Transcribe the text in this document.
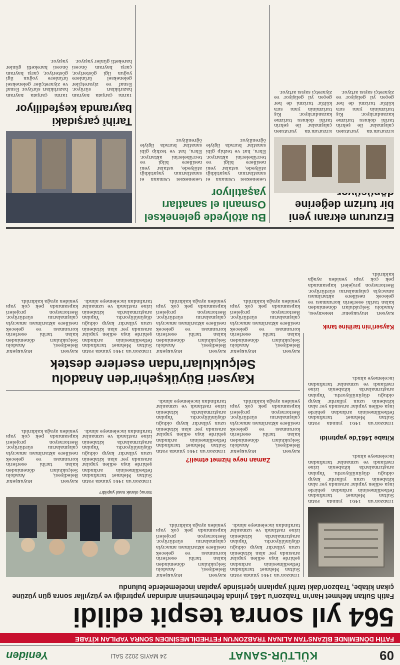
09
KÜLTÜR-SANAT
24 MAYIS 2022 SALI
Yeniden
FATİH DÖNEMİNDE BİZANS'TAN ALINAN TRABZON'UN FETHEDİLMESİNDEN SONRA YAPILAN KİTABE
564 yıl sonra tespit edildi
Fatih Sultan Mehmet Han'ın Trabzon'u 1461 yılında fethetmesinin ardından yaptırdığı ve yüzyıllar sonra gün yüzüne çıkan kitabe, Trabzon'daki tarihî yapıların içerisinde yapılan incelemelerde bulundu
Trabzon'un 1461 yılında Fatih Sultan Mehmet tarafından fethedilmesinin ardından şehirde inşa edilen yapılar arasında yer alan kitabenin uzun yıllardır kayıp olduğu düşünülüyordu. Yapılan araştırmalarda kitabenin izine rastlandı ve uzmanlar tarafından incelemeye alındı.
Kitabe 1461'de yaptırıldı
Trabzon'un 1461 yılında Fatih Sultan Mehmet tarafından fethedilmesinin ardından şehirde inşa edilen yapılar arasında yer alan kitabenin uzun yıllardır kayıp olduğu düşünülüyordu. Yapılan araştırmalarda kitabenin izine rastlandı ve uzmanlar tarafından incelemeye alındı.
Trabzon'un 1461 yılında Fatih Sultan Mehmet tarafından fethedilmesinin ardından şehirde inşa edilen yapılar arasında yer alan kitabenin uzun yıllardır kayıp olduğu düşünülüyordu. Yapılan araştırmalarda kitabenin izine rastlandı ve uzmanlar tarafından incelemeye alındı.
Kayseri Büyükşehir Belediyesi, Anadolu Selçukluları döneminden kalan tarihi eserlerin korunması ve gelecek nesillere aktarılması amacıyla çalışmalarını sürdürüyor. Restorasyon projeleri kapsamında pek çok yapı yeniden ayağa kaldırıldı.
Zaman neye hizmet etmeli?
Kayseri Büyükşehir Belediyesi, Anadolu Selçukluları döneminden kalan tarihi eserlerin korunması ve gelecek nesillere aktarılması amacıyla çalışmalarını sürdürüyor. Restorasyon projeleri kapsamında pek çok yapı yeniden ayağa kaldırıldı.
Trabzon'un 1461 yılında Fatih Sultan Mehmet tarafından fethedilmesinin ardından şehirde inşa edilen yapılar arasında yer alan kitabenin uzun yıllardır kayıp olduğu düşünülüyordu. Yapılan araştırmalarda kitabenin izine rastlandı ve uzmanlar tarafından incelemeye alındı.
Sonuç olarak nasıl yapıldı?
Trabzon'un 1461 yılında Fatih Sultan Mehmet tarafından fethedilmesinin ardından şehirde inşa edilen yapılar arasında yer alan kitabenin uzun yıllardır kayıp olduğu düşünülüyordu. Yapılan araştırmalarda kitabenin izine rastlandı ve uzmanlar tarafından incelemeye alındı.
Kayseri Büyükşehir Belediyesi, Anadolu Selçukluları döneminden kalan tarihi eserlerin korunması ve gelecek nesillere aktarılması amacıyla çalışmalarını sürdürüyor. Restorasyon projeleri kapsamında pek çok yapı yeniden ayağa kaldırıldı.
Kayseri Büyükşehir'den Anadolu Selçukluları'ndan eserlere destek
Kayseri Büyükşehir Belediyesi, Anadolu Selçukluları döneminden kalan tarihi eserlerin korunması ve gelecek nesillere aktarılması amacıyla çalışmalarını sürdürüyor. Restorasyon projeleri kapsamında pek çok yapı yeniden ayağa kaldırıldı.
Kayseri Büyükşehir Belediyesi, Anadolu Selçukluları döneminden kalan tarihi eserlerin korunması ve gelecek nesillere aktarılması amacıyla çalışmalarını sürdürüyor. Restorasyon projeleri kapsamında pek çok yapı yeniden ayağa kaldırıldı.
Trabzon'un 1461 yılında Fatih Sultan Mehmet tarafından fethedilmesinin ardından şehirde inşa edilen yapılar arasında yer alan kitabenin uzun yıllardır kayıp olduğu düşünülüyordu. Yapılan araştırmalarda kitabenin izine rastlandı ve uzmanlar tarafından incelemeye alındı.
Kayseri Büyükşehir Belediyesi, Anadolu Selçukluları döneminden kalan tarihi eserlerin korunması ve gelecek nesillere aktarılması amacıyla çalışmalarını sürdürüyor. Restorasyon projeleri kapsamında pek çok yapı yeniden ayağa kaldırıldı.
Kayseri'nin tarihine tanık
Kayseri Büyükşehir Belediyesi, Anadolu Selçukluları döneminden kalan tarihi eserlerin korunması ve gelecek nesillere aktarılması amacıyla çalışmalarını sürdürüyor. Restorasyon projeleri kapsamında pek çok yapı yeniden ayağa kaldırıldı.
Erzurum ekranı yeni bir turizm değerine
Erzurum'da yürütülen çalışmalar ile şehrin tarihi dokusu turizme kazandırılıyor. Kış turizminin yanı sıra kültür turizmi de her geçen yıl gelişiyor ve ziyaretçi sayısı artıyor.
Erzurum'da yürütülen çalışmalar ile şehrin tarihi dokusu turizme kazandırılıyor. Kış turizminin yanı sıra kültür turizmi de her geçen yıl gelişiyor ve ziyaretçi sayısı artıyor.
Bu atölyede geleneksel Osmanlı el sanatları yaşatılıyor
Geleneksel Osmanlı el sanatlarının yaşatıldığı atölyede, ustalar yeni nesillere bilgi ve tecrübelerini aktarıyor. Ebru, hat ve tezhip gibi sanatlar burada ilgiyle öğreniliyor.
Geleneksel Osmanlı el sanatlarının yaşatıldığı atölyede, ustalar yeni nesillere bilgi ve tecrübelerini aktarıyor. Ebru, hat ve tezhip gibi sanatlar burada ilgiyle öğreniliyor.
Tarihî çarşıdaki bayramda keşfediliyor
Tarihî çarşıda bayram hazırlıkları sürüyor. Esnaf ve ziyaretçiler geleneksel ürünlere yoğun ilgi gösteriyor, çarşı bayram öncesi hareketli günler yaşıyor.
Tarihî çarşıda bayram hazırlıkları sürüyor. Esnaf ve ziyaretçiler geleneksel ürünlere yoğun ilgi gösteriyor, çarşı bayram öncesi hareketli günler yaşıyor.
